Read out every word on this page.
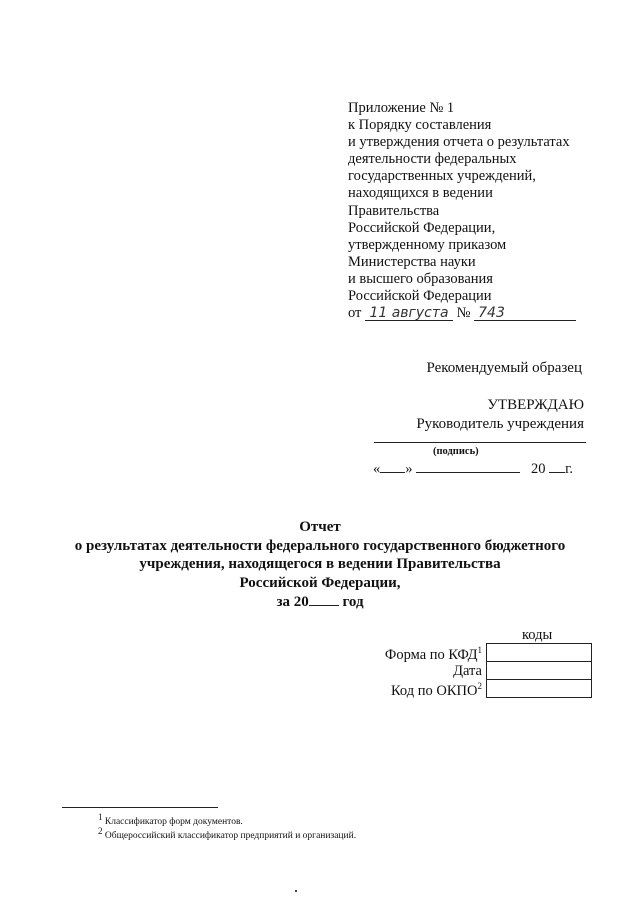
Приложение № 1
к Порядку составления
и утверждения отчета о результатах
деятельности федеральных
государственных учреждений,
находящихся в ведении
Правительства
Российской Федерации,
утвержденному приказом
Министерства науки
и высшего образования
Российской Федерации
от 11 августа № 743
Рекомендуемый образец
УТВЕРЖДАЮ
Руководитель учреждения
(подпись)
« »	20 г.
Отчет
о результатах деятельности федерального государственного бюджетного
учреждения, находящегося в ведении Правительства
Российской Федерации,
за 20 год
коды

Форма по КФД$^1$
Дата
Код по ОКПО$^2$
$^1$ Классификатор форм документов.
$^2$ Общероссийский классификатор предприятий и организаций.
